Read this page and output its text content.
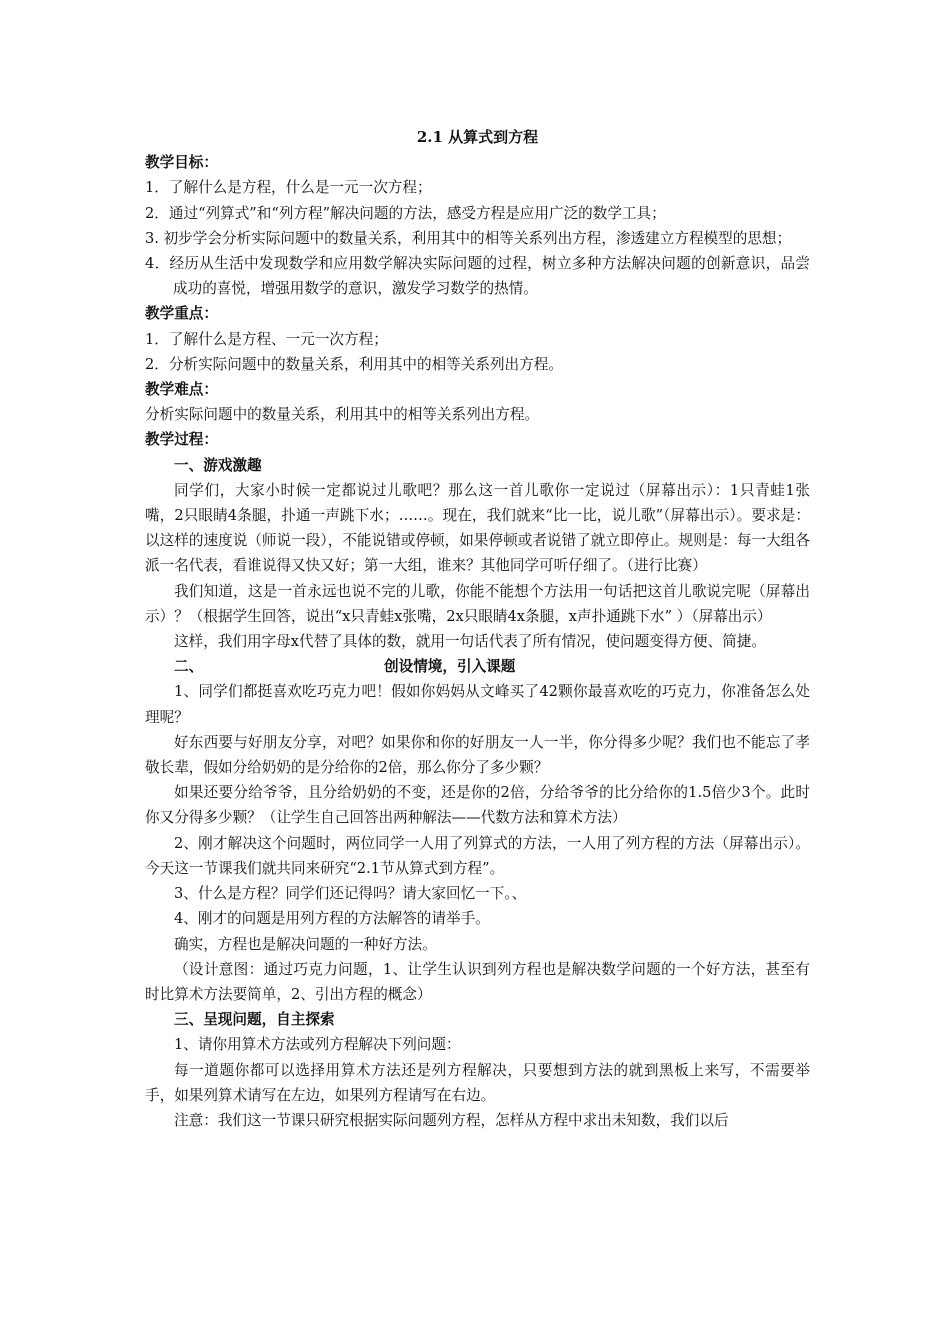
2.1 从算式到方程

教学目标：

1．了解什么是方程，什么是一元一次方程；

2．通过“列算式”和“列方程”解决问题的方法，感受方程是应用广泛的数学工具；

3. 初步学会分析实际问题中的数量关系，利用其中的相等关系列出方程，渗透建立方程模型的思想；

4．经历从生活中发现数学和应用数学解决实际问题的过程，树立多种方法解决问题的创新意识，品尝成功的喜悦，增强用数学的意识，激发学习数学的热情。

教学重点：

1．了解什么是方程、一元一次方程；

2．分析实际问题中的数量关系，利用其中的相等关系列出方程。

教学难点：

分析实际问题中的数量关系，利用其中的相等关系列出方程。

教学过程：

一、游戏激趣

同学们，大家小时候一定都说过儿歌吧？那么这一首儿歌你一定说过（屏幕出示）：1只青蛙1张嘴，2只眼睛4条腿，扑通一声跳下水；……。现在，我们就来“比一比，说儿歌”（屏幕出示）。要求是：以这样的速度说（师说一段），不能说错或停顿，如果停顿或者说错了就立即停止。规则是：每一大组各派一名代表，看谁说得又快又好；第一大组，谁来？其他同学可听仔细了。（进行比赛）

我们知道，这是一首永远也说不完的儿歌，你能不能想个方法用一句话把这首儿歌说完呢（屏幕出示）？（根据学生回答，说出“x只青蛙x张嘴，2x只眼睛4x条腿，x声扑通跳下水” ）（屏幕出示）

这样，我们用字母x代替了具体的数，就用一句话代表了所有情况，使问题变得方便、简捷。

二、	创设情境，引入课题

1、同学们都挺喜欢吃巧克力吧！假如你妈妈从文峰买了42颗你最喜欢吃的巧克力，你准备怎么处理呢？

好东西要与好朋友分享，对吧？如果你和你的好朋友一人一半，你分得多少呢？我们也不能忘了孝敬长辈，假如分给奶奶的是分给你的2倍，那么你分了多少颗？

如果还要分给爷爷，且分给奶奶的不变，还是你的2倍，分给爷爷的比分给你的1.5倍少3个。此时你又分得多少颗？（让学生自己回答出两种解法——代数方法和算术方法）

2、刚才解决这个问题时，两位同学一人用了列算式的方法，一人用了列方程的方法（屏幕出示）。今天这一节课我们就共同来研究“2.1节从算式到方程”。

3、什么是方程？同学们还记得吗？请大家回忆一下。、

4、刚才的问题是用列方程的方法解答的请举手。

确实，方程也是解决问题的一种好方法。

（设计意图：通过巧克力问题，1、让学生认识到列方程也是解决数学问题的一个好方法，甚至有时比算术方法要简单，2、引出方程的概念）

三、呈现问题，自主探索

1、请你用算术方法或列方程解决下列问题：

每一道题你都可以选择用算术方法还是列方程解决，只要想到方法的就到黑板上来写，不需要举手，如果列算术请写在左边，如果列方程请写在右边。

注意：我们这一节课只研究根据实际问题列方程，怎样从方程中求出未知数，我们以后
